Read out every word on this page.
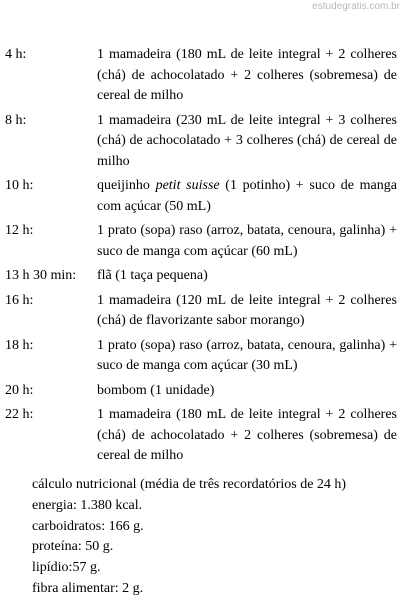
estudegratis.com.br
4 h:	1 mamadeira (180 mL de leite integral + 2 colheres (chá) de achocolatado + 2 colheres (sobremesa) de cereal de milho
8 h:	1 mamadeira (230 mL de leite integral + 3 colheres (chá) de achocolatado + 3 colheres (chá) de cereal de milho
10 h:	queijinho petit suisse (1 potinho) + suco de manga com açúcar (50 mL)
12 h:	1 prato (sopa) raso (arroz, batata, cenoura, galinha) + suco de manga com açúcar (60 mL)
13 h 30 min:	flã (1 taça pequena)
16 h:	1 mamadeira (120 mL de leite integral + 2 colheres (chá) de flavorizante sabor morango)
18 h:	1 prato (sopa) raso (arroz, batata, cenoura, galinha) + suco de manga com açúcar (30 mL)
20 h:	bombom (1 unidade)
22 h:	1 mamadeira (180 mL de leite integral + 2 colheres (chá) de achocolatado + 2 colheres (sobremesa) de cereal de milho
cálculo nutricional (média de três recordatórios de 24 h)
energia: 1.380 kcal.
carboidratos: 166 g.
proteína: 50 g.
lipídio:57 g.
fibra alimentar: 2 g.
